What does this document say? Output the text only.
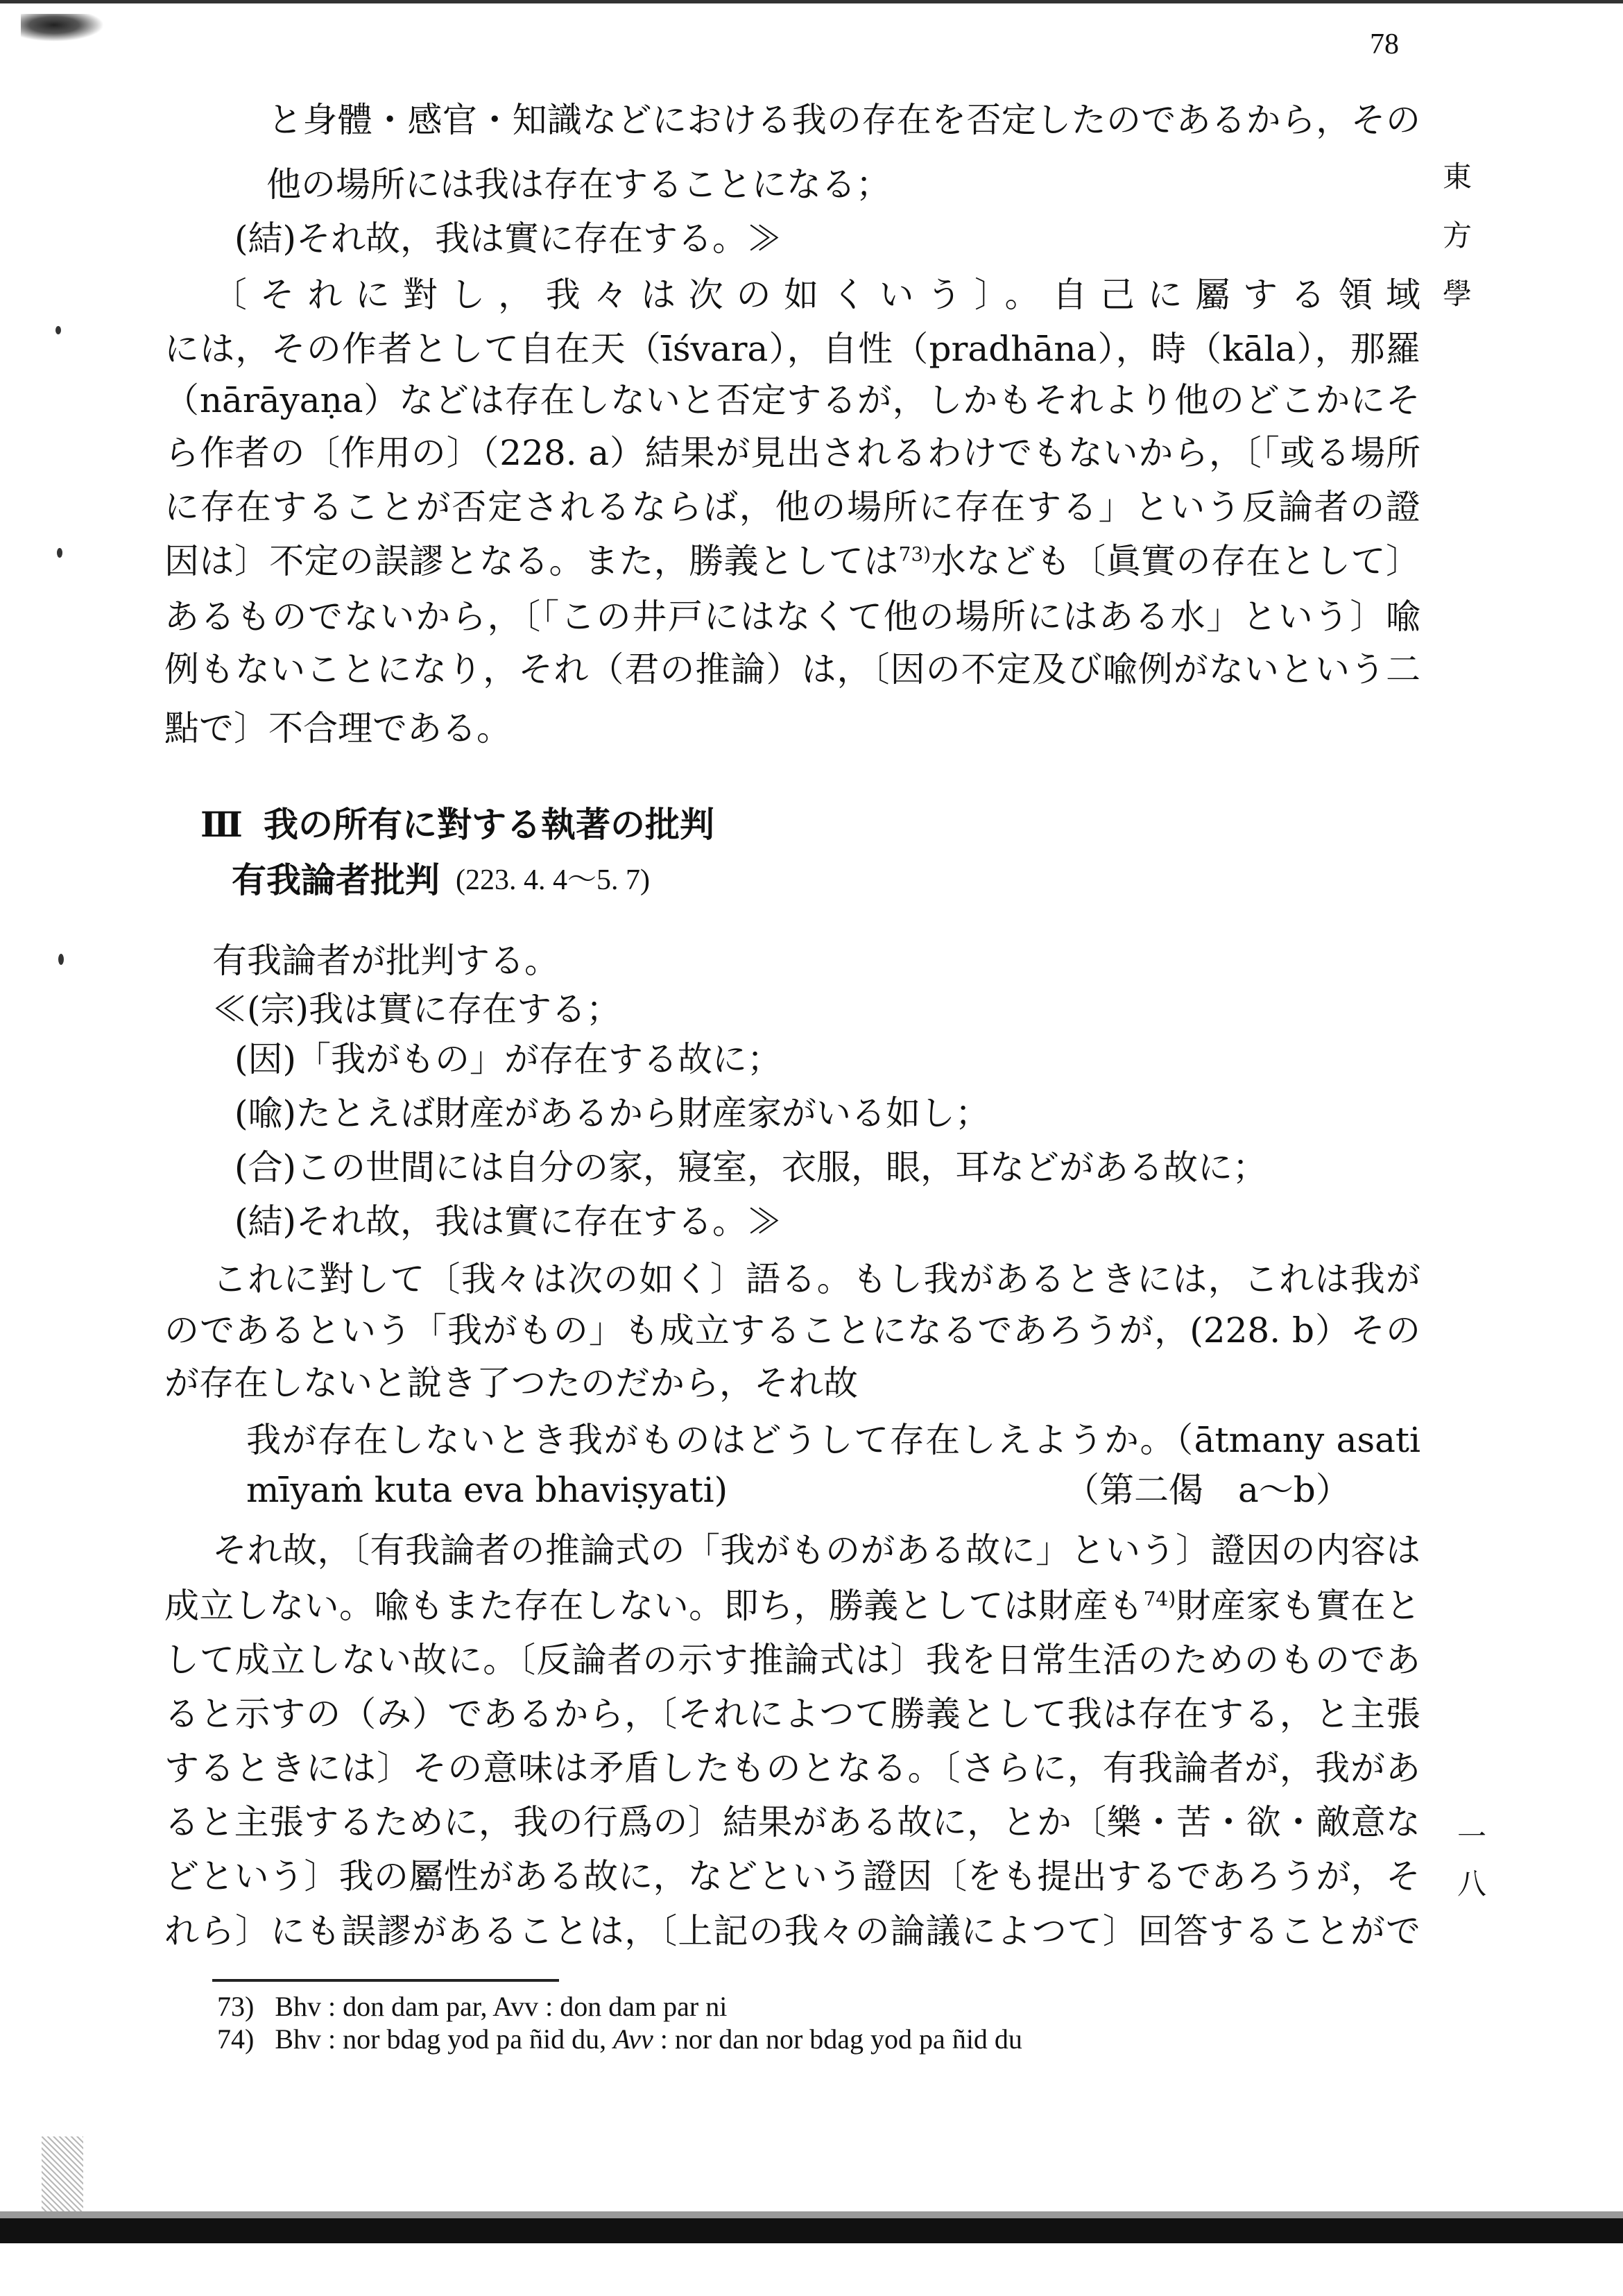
78
東
方
學
一
八
と身體・感官・知識などにおける我の存在を否定したのであるから，その
他の場所には我は存在することになる；
(結)それ故，我は實に存在する。≫
〔それに對し，我々は次の如くいう〕。自己に屬する領域
には，その作者として自在天（īśvara），自性（pradhāna），時（kāla），那羅
（nārāyaṇa）などは存在しないと否定するが，しかもそれより他のどこかにそ
ら作者の〔作用の〕（228. a）結果が見出されるわけでもないから，〔「或る場所
に存在することが否定されるならば，他の場所に存在する」という反論者の證
因は〕不定の誤謬となる。また，勝義としては$^{73)}$水なども〔眞實の存在として〕
あるものでないから，〔「この井戸にはなくて他の場所にはある水」という〕喩
例もないことになり，それ（君の推論）は，〔因の不定及び喩例がないという二
點で〕不合理である。
Ⅲ 我の所有に對する執著の批判
有我論者批判 (223. 4. 4〜5. 7)
有我論者が批判する。
≪(宗)我は實に存在する；
(因)「我がもの」が存在する故に；
(喩)たとえば財産があるから財産家がいる如し；
(合)この世間には自分の家，寢室，衣服，眼，耳などがある故に；
(結)それ故，我は實に存在する。≫
これに對して〔我々は次の如く〕語る。もし我があるときには，これは我が
のであるという「我がもの」も成立することになるであろうが，(228. b）その
が存在しないと說き了つたのだから，それ故
我が存在しないとき我がものはどうして存在しえようか。（ātmany asati
mīyaṁ kuta eva bhaviṣyati)	（第二偈　a〜b）
それ故，〔有我論者の推論式の「我がものがある故に」という〕證因の内容は
成立しない。喩もまた存在しない。即ち，勝義としては財産も$^{74)}$財産家も實在と
して成立しない故に。〔反論者の示す推論式は〕我を日常生活のためのものであ
ると示すの（み）であるから，〔それによつて勝義として我は存在する，と主張
するときには〕その意味は矛盾したものとなる。〔さらに，有我論者が，我があ
ると主張するために，我の行爲の〕結果がある故に，とか〔樂・苦・欲・敵意な
どという〕我の屬性がある故に，などという證因〔をも提出するであろうが，そ
れら〕にも誤謬があることは，〔上記の我々の論議によつて〕回答することがで
73) Bhv : don dam par, Avv : don dam par ni
74) Bhv : nor bdag yod pa ñid du, Avv : nor dan nor bdag yod pa ñid du
